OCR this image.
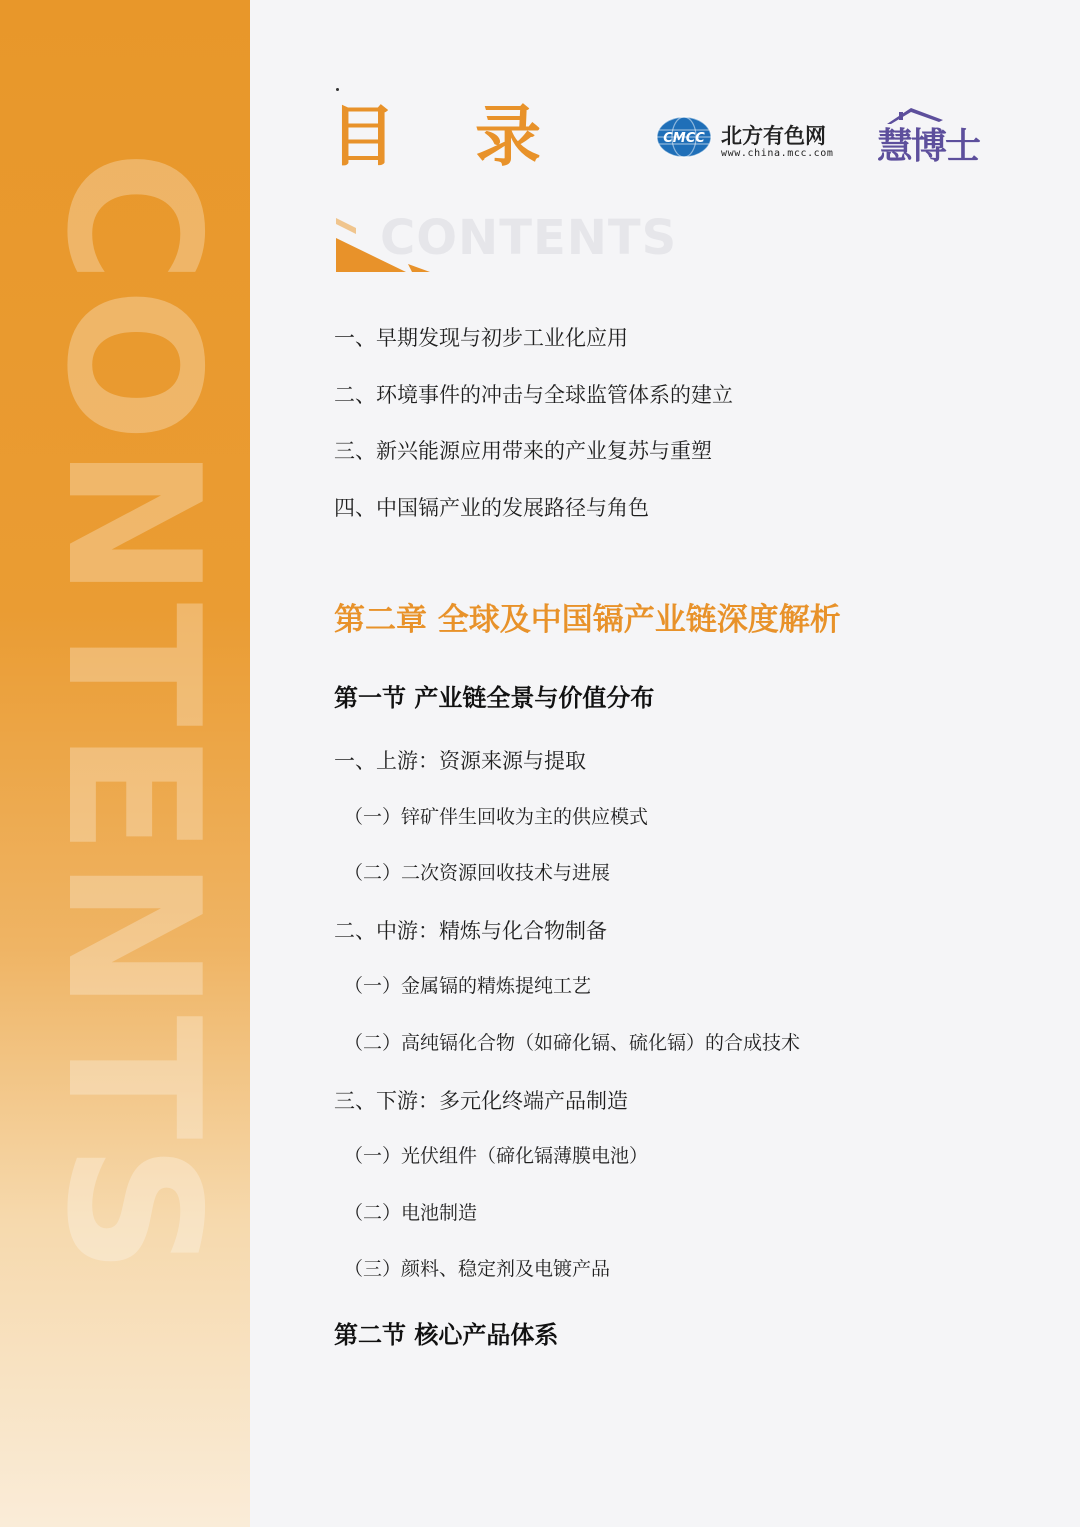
CONTENTS
目 录
CONTENTS
CMCC 北方有色网
www.china.mcc.com 慧博士
一、早期发现与初步工业化应用
二、环境事件的冲击与全球监管体系的建立
三、新兴能源应用带来的产业复苏与重塑
四、中国镉产业的发展路径与角色
第二章 全球及中国镉产业链深度解析
第一节 产业链全景与价值分布
一、上游：资源来源与提取
（一）锌矿伴生回收为主的供应模式
（二）二次资源回收技术与进展
二、中游：精炼与化合物制备
（一）金属镉的精炼提纯工艺
（二）高纯镉化合物（如碲化镉、硫化镉）的合成技术
三、下游：多元化终端产品制造
（一）光伏组件（碲化镉薄膜电池）
（二）电池制造
（三）颜料、稳定剂及电镀产品
第二节 核心产品体系
